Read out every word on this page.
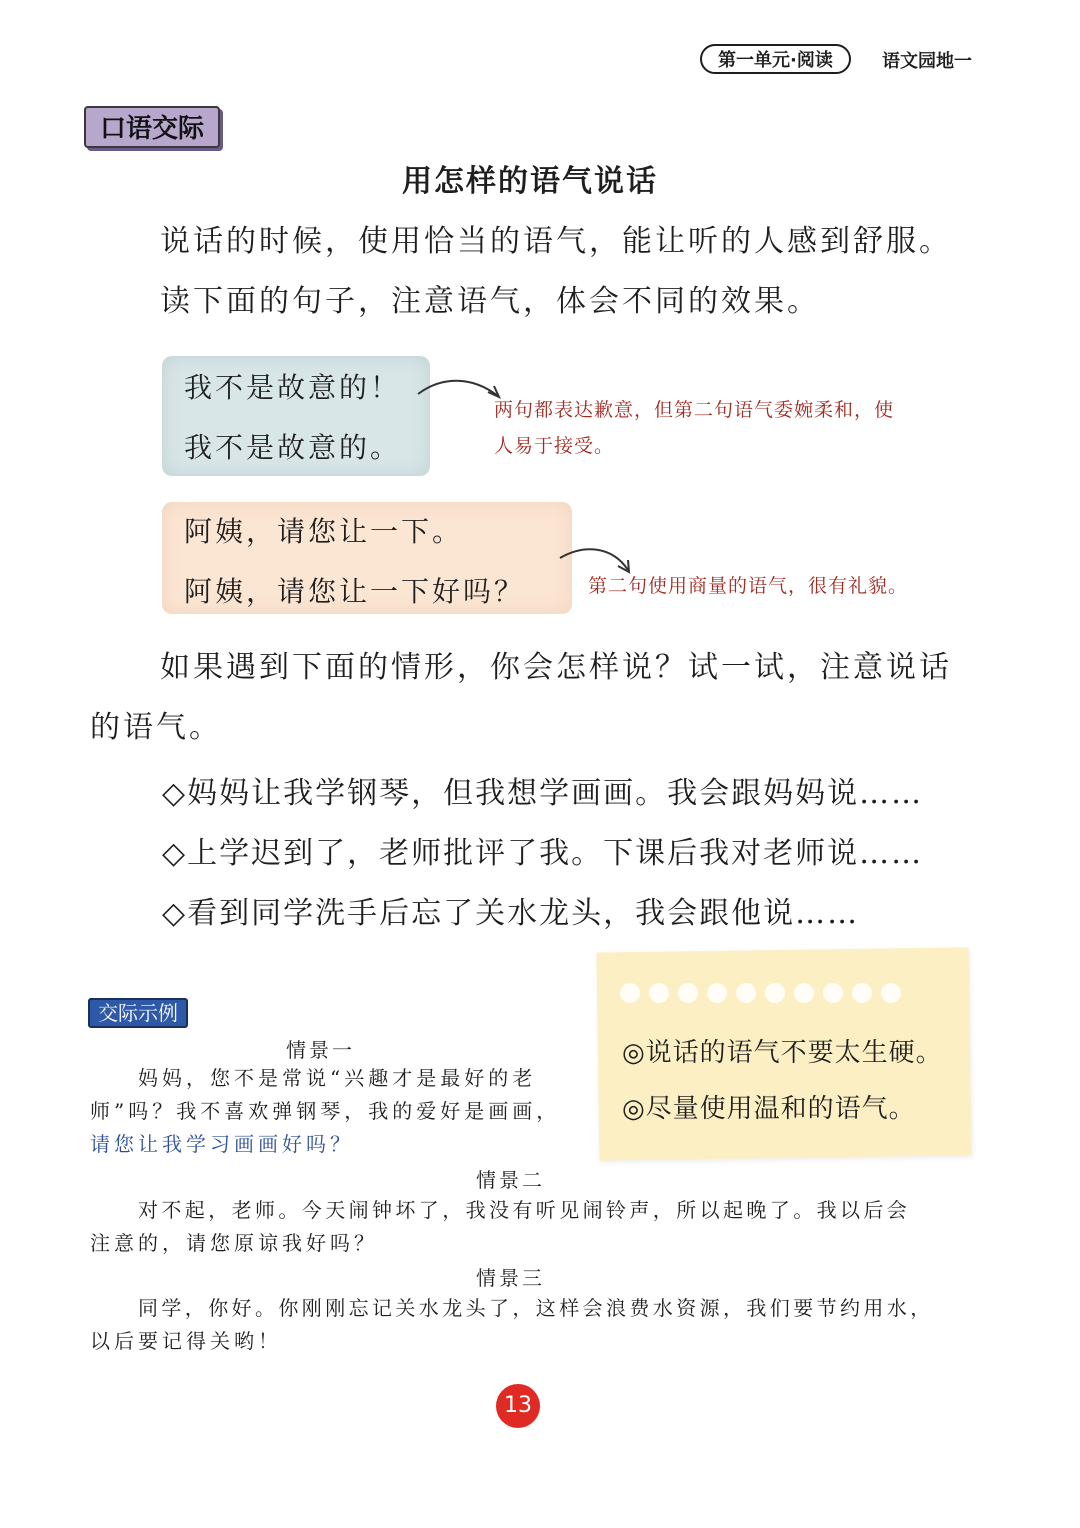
第一单元·阅读	语文园地一
口语交际
用怎样的语气说话
说话的时候，使用恰当的语气，能让听的人感到舒服。
读下面的句子，注意语气，体会不同的效果。
我不是故意的！
我不是故意的。
两句都表达歉意，但第二句语气委婉柔和，使
人易于接受。
阿姨，请您让一下。
阿姨，请您让一下好吗？	第二句使用商量的语气，很有礼貌。
如果遇到下面的情形，你会怎样说？试一试，注意说话
的语气。
◇妈妈让我学钢琴，但我想学画画。我会跟妈妈说……
◇上学迟到了，老师批评了我。下课后我对老师说……
◇看到同学洗手后忘了关水龙头，我会跟他说……
◎说话的语气不要太生硬。
◎尽量使用温和的语气。
交际示例
情景一
妈妈，您不是常说“兴趣才是最好的老
师”吗？我不喜欢弹钢琴，我的爱好是画画，
请您让我学习画画好吗？
情景二
对不起，老师。今天闹钟坏了，我没有听见闹铃声，所以起晚了。我以后会
注意的，请您原谅我好吗？
情景三
同学，你好。你刚刚忘记关水龙头了，这样会浪费水资源，我们要节约用水，
以后要记得关哟！
13
